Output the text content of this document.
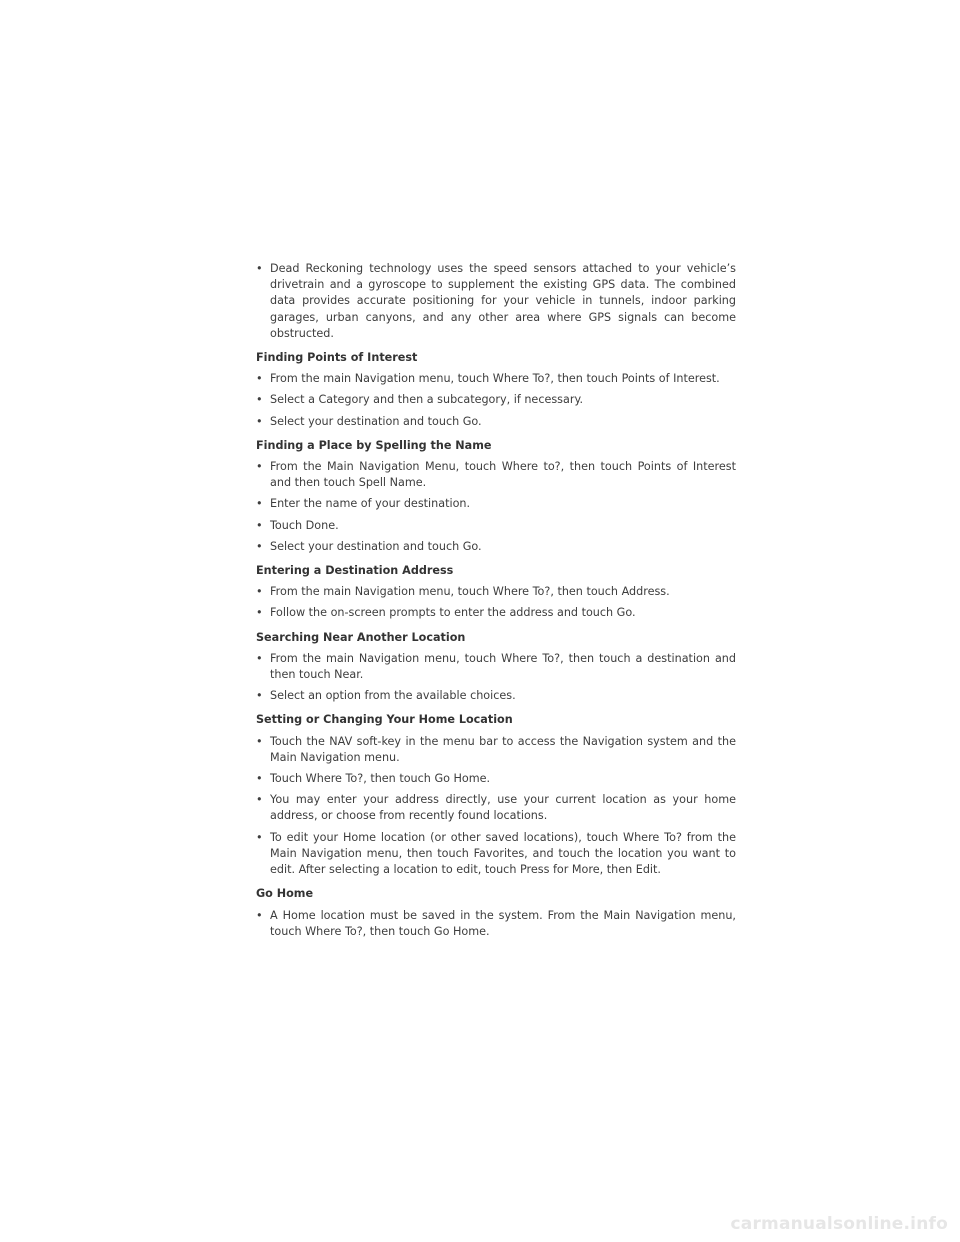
• Dead Reckoning technology uses the speed sensors attached to your vehicle’s drivetrain and a gyroscope to supplement the existing GPS data. The combined data provides accurate positioning for your vehicle in tunnels, indoor parking garages, urban canyons, and any other area where GPS signals can become obstructed.

Finding Points of Interest

• From the main Navigation menu, touch Where To?, then touch Points of Interest.

• Select a Category and then a subcategory, if necessary.

• Select your destination and touch Go.

Finding a Place by Spelling the Name

• From the Main Navigation Menu, touch Where to?, then touch Points of Interest and then touch Spell Name.

• Enter the name of your destination.

• Touch Done.

• Select your destination and touch Go.

Entering a Destination Address

• From the main Navigation menu, touch Where To?, then touch Address.

• Follow the on-screen prompts to enter the address and touch Go.

Searching Near Another Location

• From the main Navigation menu, touch Where To?, then touch a destination and then touch Near.

• Select an option from the available choices.

Setting or Changing Your Home Location

• Touch the NAV soft-key in the menu bar to access the Navigation system and the Main Navigation menu.

• Touch Where To?, then touch Go Home.

• You may enter your address directly, use your current location as your home address, or choose from recently found locations.

• To edit your Home location (or other saved locations), touch Where To? from the Main Navigation menu, then touch Favorites, and touch the location you want to edit. After selecting a location to edit, touch Press for More, then Edit.

Go Home

• A Home location must be saved in the system. From the Main Navigation menu, touch Where To?, then touch Go Home.

carmanualsonline.info
